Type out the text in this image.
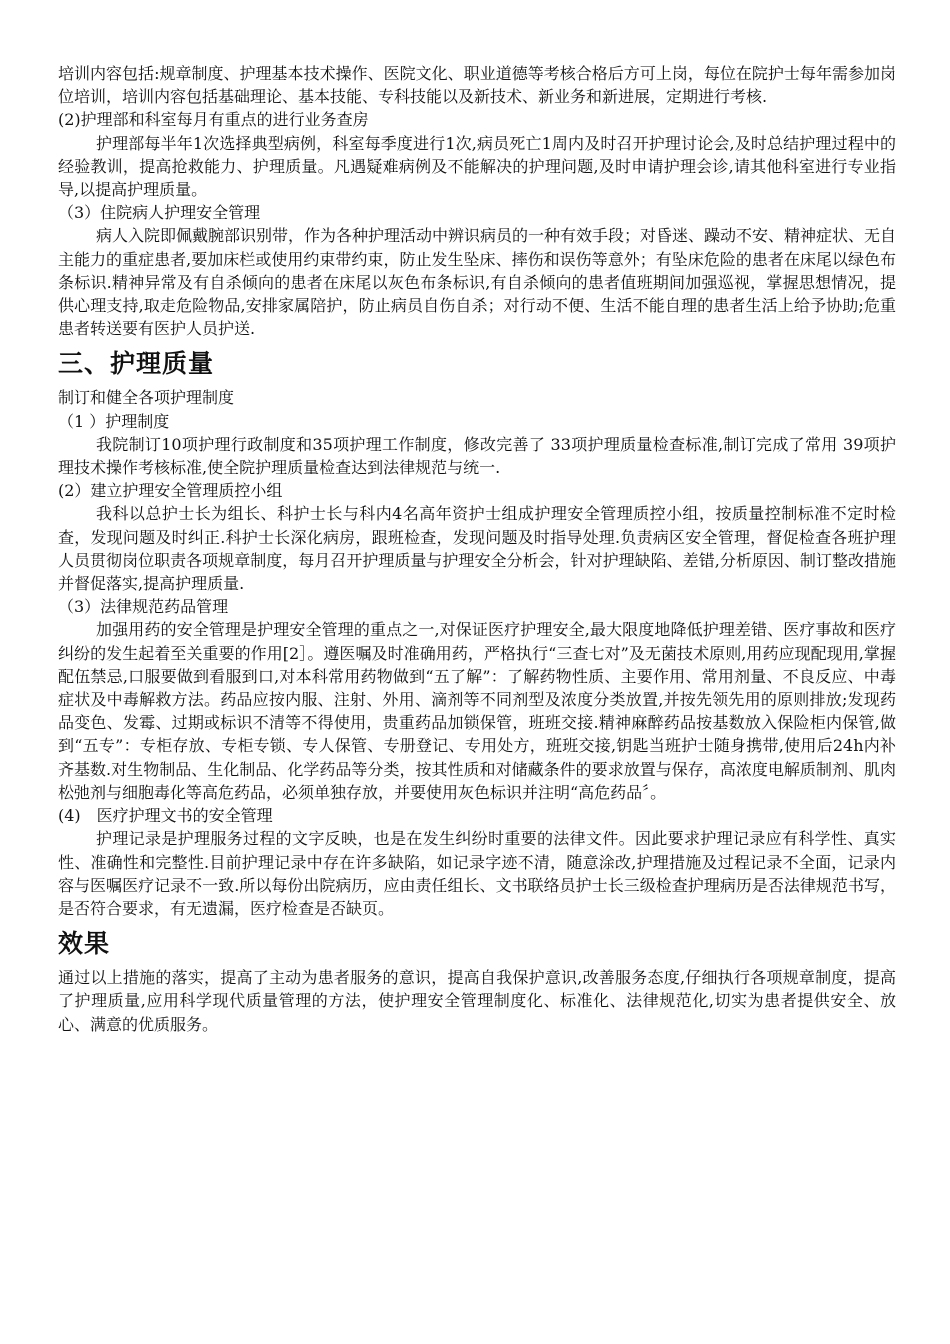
培训内容包括:规章制度、护理基本技术操作、医院文化、职业道德等考核合格后方可上岗，每位在院护士每年需参加岗位培训，培训内容包括基础理论、基本技能、专科技能以及新技术、新业务和新进展，定期进行考核.

(2)护理部和科室每月有重点的进行业务查房

护理部每半年1次选择典型病例，科室每季度进行1次,病员死亡1周内及时召开护理讨论会,及时总结护理过程中的经验教训，提高抢救能力、护理质量。凡遇疑难病例及不能解决的护理问题,及时申请护理会诊,请其他科室进行专业指导,以提高护理质量。

（3）住院病人护理安全管理

病人入院即佩戴腕部识别带，作为各种护理活动中辨识病员的一种有效手段；对昏迷、躁动不安、精神症状、无自主能力的重症患者,要加床栏或使用约束带约束，防止发生坠床、摔伤和误伤等意外；有坠床危险的患者在床尾以绿色布条标识.精神异常及有自杀倾向的患者在床尾以灰色布条标识,有自杀倾向的患者值班期间加强巡视，掌握思想情况，提供心理支持,取走危险物品,安排家属陪护，防止病员自伤自杀；对行动不便、生活不能自理的患者生活上给予协助;危重患者转送要有医护人员护送.

三、护理质量

制订和健全各项护理制度

（1 ）护理制度

我院制订10项护理行政制度和35项护理工作制度，修改完善了 33项护理质量检查标准,制订完成了常用 39项护理技术操作考核标准,使全院护理质量检查达到法律规范与统一.

(2）建立护理安全管理质控小组

我科以总护士长为组长、科护士长与科内4名高年资护士组成护理安全管理质控小组，按质量控制标准不定时检查，发现问题及时纠正.科护士长深化病房，跟班检查，发现问题及时指导处理.负责病区安全管理，督促检查各班护理人员贯彻岗位职责各项规章制度，每月召开护理质量与护理安全分析会，针对护理缺陷、差错,分析原因、制订整改措施并督促落实,提高护理质量.

（3）法律规范药品管理

加强用药的安全管理是护理安全管理的重点之一,对保证医疗护理安全,最大限度地降低护理差错、医疗事故和医疗纠纷的发生起着至关重要的作用[2］。遵医嘱及时准确用药，严格执行“三查七对”及无菌技术原则,用药应现配现用,掌握配伍禁忌,口服要做到看服到口,对本科常用药物做到“五了解”：了解药物性质、主要作用、常用剂量、不良反应、中毒症状及中毒解救方法。药品应按内服、注射、外用、滴剂等不同剂型及浓度分类放置,并按先领先用的原则排放;发现药品变色、发霉、过期或标识不清等不得使用，贵重药品加锁保管，班班交接.精神麻醉药品按基数放入保险柜内保管,做到“五专”：专柜存放、专柜专锁、专人保管、专册登记、专用处方，班班交接,钥匙当班护士随身携带,使用后24h内补齐基数.对生物制品、生化制品、化学药品等分类，按其性质和对储藏条件的要求放置与保存，高浓度电解质制剂、肌肉松弛剂与细胞毒化等高危药品，必须单独存放，并要使用灰色标识并注明“高危药品〞。

(4)　医疗护理文书的安全管理

护理记录是护理服务过程的文字反映，也是在发生纠纷时重要的法律文件。因此要求护理记录应有科学性、真实性、准确性和完整性.目前护理记录中存在许多缺陷，如记录字迹不清，随意涂改,护理措施及过程记录不全面，记录内容与医嘱医疗记录不一致.所以每份出院病历，应由责任组长、文书联络员护士长三级检查护理病历是否法律规范书写，是否符合要求，有无遗漏，医疗检查是否缺页。

效果

通过以上措施的落实，提高了主动为患者服务的意识，提高自我保护意识,改善服务态度,仔细执行各项规章制度，提高了护理质量,应用科学现代质量管理的方法，使护理安全管理制度化、标准化、法律规范化,切实为患者提供安全、放心、满意的优质服务。
